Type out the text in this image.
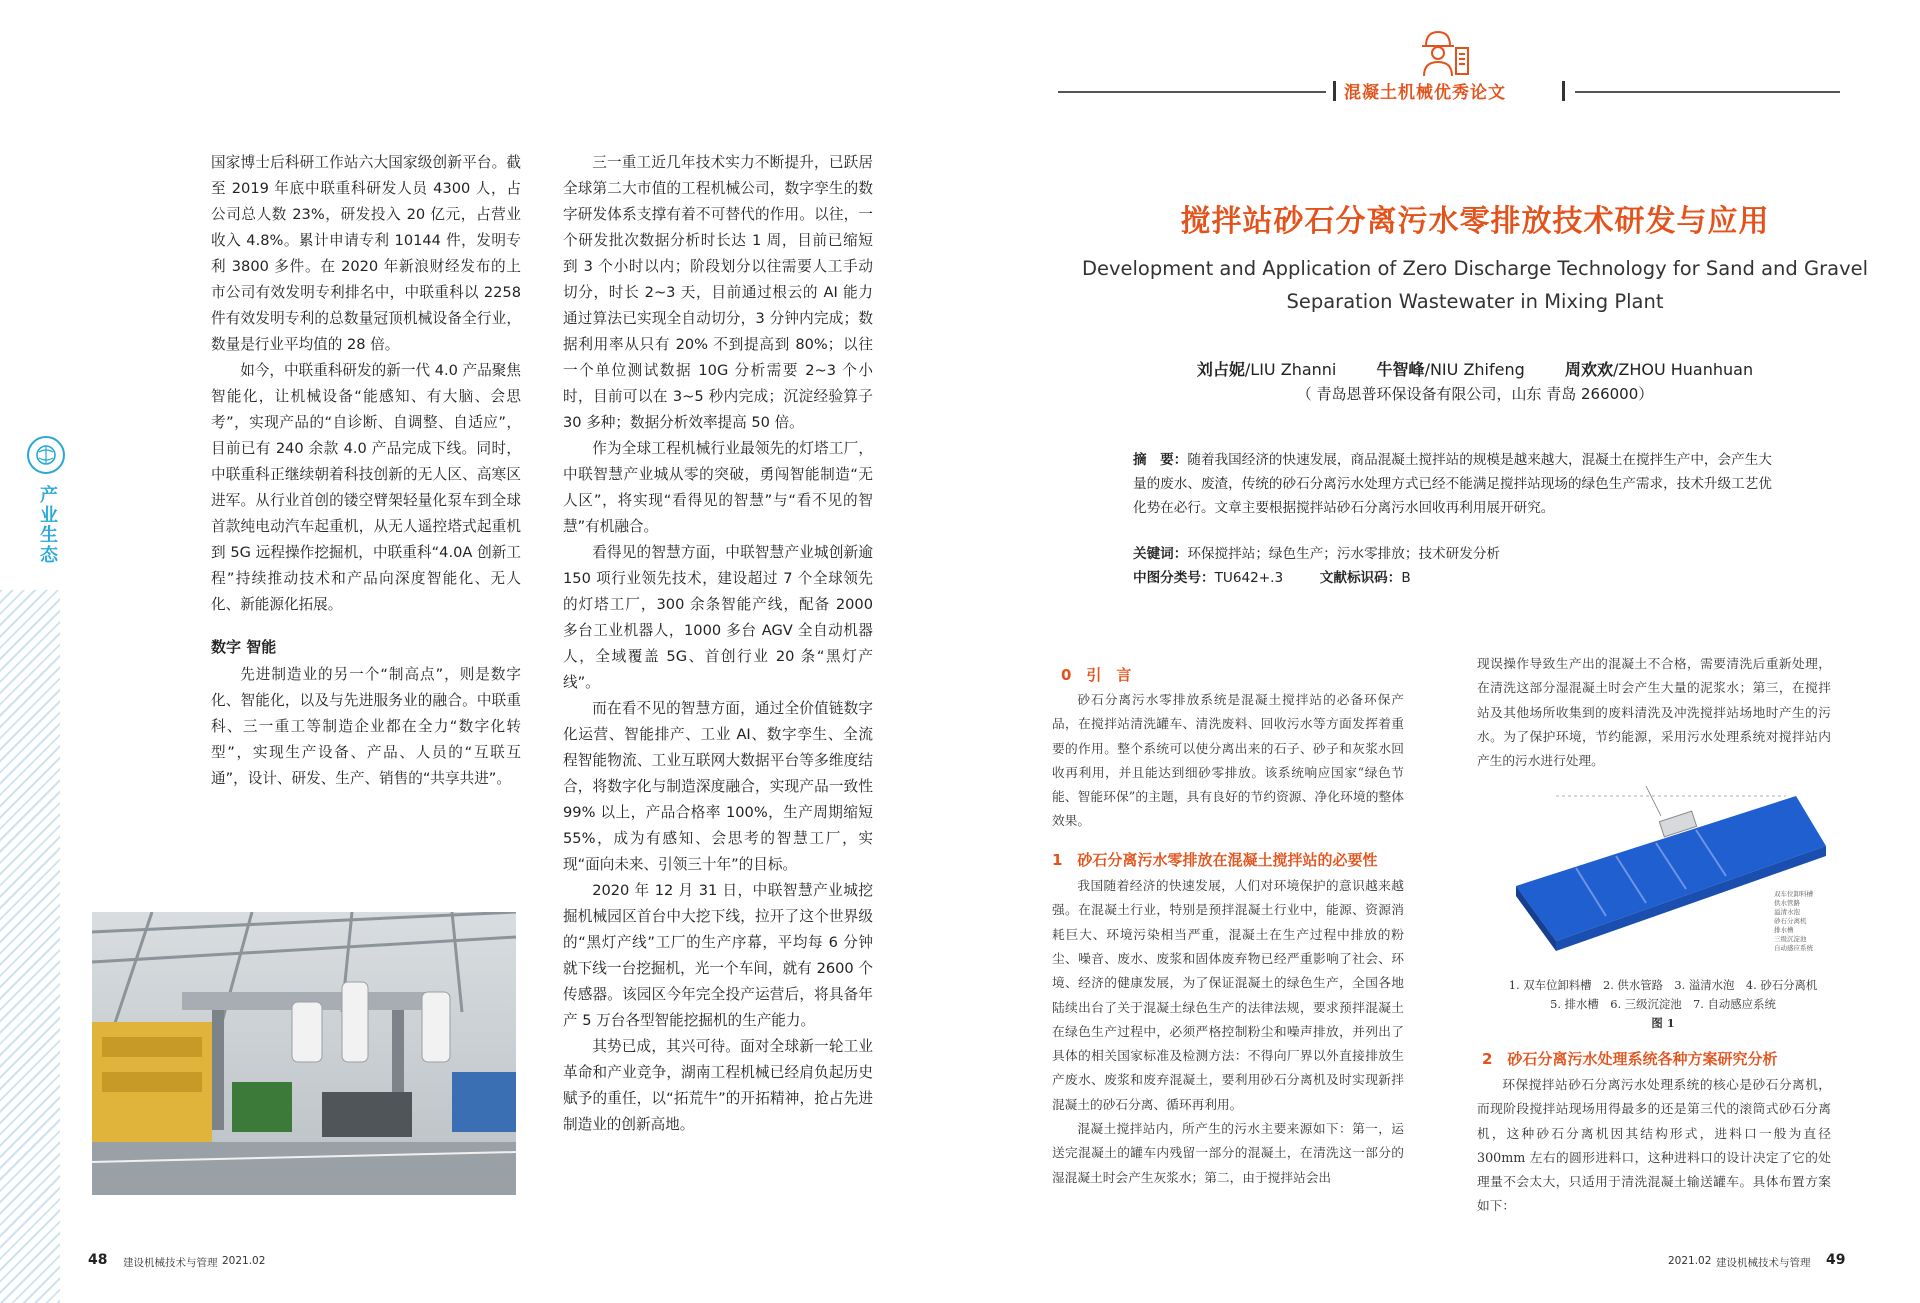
产业生态

国家博士后科研工作站六大国家级创新平台。截至 2019 年底中联重科研发人员 4300 人，占公司总人数 23%，研发投入 20 亿元，占营业收入 4.8%。累计申请专利 10144 件，发明专利 3800 多件。在 2020 年新浪财经发布的上市公司有效发明专利排名中，中联重科以 2258 件有效发明专利的总数量冠顶机械设备全行业，数量是行业平均值的 28 倍。

如今，中联重科研发的新一代 4.0 产品聚焦智能化，让机械设备“能感知、有大脑、会思考”，实现产品的“自诊断、自调整、自适应”，目前已有 240 余款 4.0 产品完成下线。同时，中联重科正继续朝着科技创新的无人区、高寒区进军。从行业首创的镂空臂架轻量化泵车到全球首款纯电动汽车起重机，从无人遥控塔式起重机到 5G 远程操作挖掘机，中联重科“4.0A 创新工程”持续推动技术和产品向深度智能化、无人化、新能源化拓展。

数字 智能

先进制造业的另一个“制高点”，则是数字化、智能化，以及与先进服务业的融合。中联重科、三一重工等制造企业都在全力“数字化转型”，实现生产设备、产品、人员的“互联互通”，设计、研发、生产、销售的“共享共进”。

三一重工近几年技术实力不断提升，已跃居全球第二大市值的工程机械公司，数字孪生的数字研发体系支撑有着不可替代的作用。以往，一个研发批次数据分析时长达 1 周，目前已缩短到 3 个小时以内；阶段划分以往需要人工手动切分，时长 2~3 天，目前通过根云的 AI 能力通过算法已实现全自动切分，3 分钟内完成；数据利用率从只有 20% 不到提高到 80%；以往一个单位测试数据 10G 分析需要 2~3 个小时，目前可以在 3~5 秒内完成；沉淀经验算子 30 多种；数据分析效率提高 50 倍。

作为全球工程机械行业最领先的灯塔工厂，中联智慧产业城从零的突破，勇闯智能制造“无人区”，将实现“看得见的智慧”与“看不见的智慧”有机融合。

看得见的智慧方面，中联智慧产业城创新逾 150 项行业领先技术，建设超过 7 个全球领先的灯塔工厂，300 余条智能产线，配备 2000 多台工业机器人，1000 多台 AGV 全自动机器人，全域覆盖 5G、首创行业 20 条“黑灯产线”。

而在看不见的智慧方面，通过全价值链数字化运营、智能排产、工业 AI、数字孪生、全流程智能物流、工业互联网大数据平台等多维度结合，将数字化与制造深度融合，实现产品一致性 99% 以上，产品合格率 100%，生产周期缩短 55%，成为有感知、会思考的智慧工厂，实现“面向未来、引领三十年”的目标。

2020 年 12 月 31 日，中联智慧产业城挖掘机械园区首台中大挖下线，拉开了这个世界级的“黑灯产线”工厂的生产序幕，平均每 6 分钟就下线一台挖掘机，光一个车间，就有 2600 个传感器。该园区今年完全投产运营后，将具备年产 5 万台各型智能挖掘机的生产能力。

其势已成，其兴可待。面对全球新一轮工业革命和产业竞争，湖南工程机械已经肩负起历史赋予的重任，以“拓荒牛”的开拓精神，抢占先进制造业的创新高地。

48 建设机械技术与管理 2021.02
混凝土机械优秀论文
搅拌站砂石分离污水零排放技术研发与应用
Development and Application of Zero Discharge Technology for Sand and Gravel
Separation Wastewater in Mixing Plant
刘占妮/LIU Zhanni	牛智峰/NIU Zhifeng	周欢欢/ZHOU Huanhuan
（ 青岛恩普环保设备有限公司，山东 青岛 266000）
摘　要：随着我国经济的快速发展，商品混凝土搅拌站的规模是越来越大，混凝土在搅拌生产中，会产生大量的废水、废渣，传统的砂石分离污水处理方式已经不能满足搅拌站现场的绿色生产需求，技术升级工艺优化势在必行。文章主要根据搅拌站砂石分离污水回收再利用展开研究。
关键词：环保搅拌站；绿色生产；污水零排放；技术研发分析
中图分类号：TU642+.3	文献标识码：B
0　引　言

砂石分离污水零排放系统是混凝土搅拌站的必备环保产品，在搅拌站清洗罐车、清洗废料、回收污水等方面发挥着重要的作用。整个系统可以使分离出来的石子、砂子和灰浆水回收再利用，并且能达到细砂零排放。该系统响应国家“绿色节能、智能环保”的主题，具有良好的节约资源、净化环境的整体效果。

1　砂石分离污水零排放在混凝土搅拌站的必要性

我国随着经济的快速发展，人们对环境保护的意识越来越强。在混凝土行业，特别是预拌混凝土行业中，能源、资源消耗巨大、环境污染相当严重，混凝土在生产过程中排放的粉尘、噪音、废水、废浆和固体废弃物已经严重影响了社会、环境、经济的健康发展，为了保证混凝土的绿色生产，全国各地陆续出台了关于混凝土绿色生产的法律法规，要求预拌混凝土在绿色生产过程中，必须严格控制粉尘和噪声排放，并列出了具体的相关国家标准及检测方法：不得向厂界以外直接排放生产废水、废浆和废弃混凝土，要利用砂石分离机及时实现新拌混凝土的砂石分离、循环再利用。

混凝土搅拌站内，所产生的污水主要来源如下：第一，运送完混凝土的罐车内残留一部分的混凝土，在清洗这一部分的湿混凝土时会产生灰浆水；第二，由于搅拌站会出

现误操作导致生产出的混凝土不合格，需要清洗后重新处理，在清洗这部分湿混凝土时会产生大量的泥浆水；第三，在搅拌站及其他场所收集到的废料清洗及冲洗搅拌站场地时产生的污水。为了保护环境，节约能源，采用污水处理系统对搅拌站内产生的污水进行处理。

双车位卸料槽
供水管路
溢清水泡
砂石分离机
排水槽
三级沉淀池
自动感应系统
1. 双车位卸料槽　2. 供水管路　3. 溢清水泡　4. 砂石分离机
5. 排水槽　6. 三级沉淀池　7. 自动感应系统
图 1
2　砂石分离污水处理系统各种方案研究分析

环保搅拌站砂石分离污水处理系统的核心是砂石分离机，而现阶段搅拌站现场用得最多的还是第三代的滚筒式砂石分离机，这种砂石分离机因其结构形式，进料口一般为直径 300mm 左右的圆形进料口，这种进料口的设计决定了它的处理量不会太大，只适用于清洗混凝土输送罐车。具体布置方案如下：

2021.02 建设机械技术与管理 49
